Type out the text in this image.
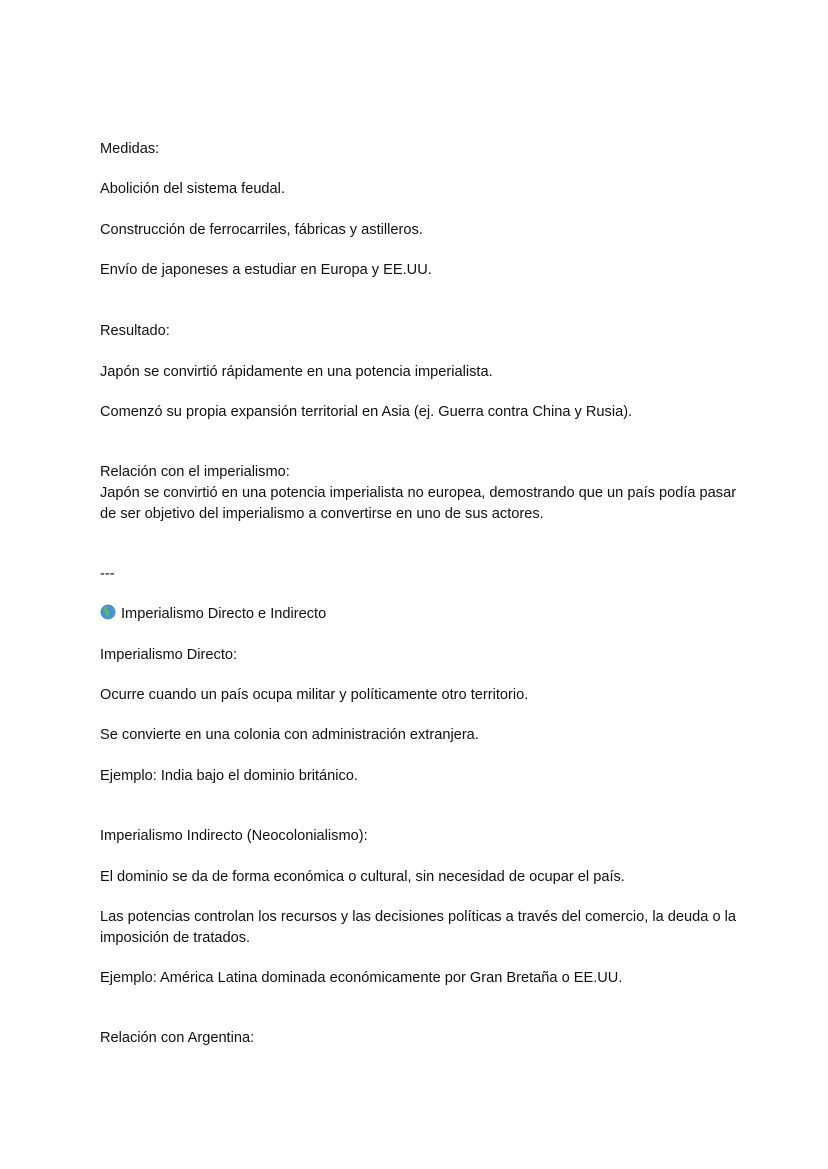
Medidas:

Abolición del sistema feudal.

Construcción de ferrocarriles, fábricas y astilleros.

Envío de japoneses a estudiar en Europa y EE.UU.

Resultado:

Japón se convirtió rápidamente en una potencia imperialista.

Comenzó su propia expansión territorial en Asia (ej. Guerra contra China y Rusia).

Relación con el imperialismo:

Japón se convirtió en una potencia imperialista no europea, demostrando que un país podía pasar de ser objetivo del imperialismo a convertirse en uno de sus actores.

---

Imperialismo Directo e Indirecto

Imperialismo Directo:

Ocurre cuando un país ocupa militar y políticamente otro territorio.

Se convierte en una colonia con administración extranjera.

Ejemplo: India bajo el dominio británico.

Imperialismo Indirecto (Neocolonialismo):

El dominio se da de forma económica o cultural, sin necesidad de ocupar el país.

Las potencias controlan los recursos y las decisiones políticas a través del comercio, la deuda o la imposición de tratados.

Ejemplo: América Latina dominada económicamente por Gran Bretaña o EE.UU.

Relación con Argentina:
